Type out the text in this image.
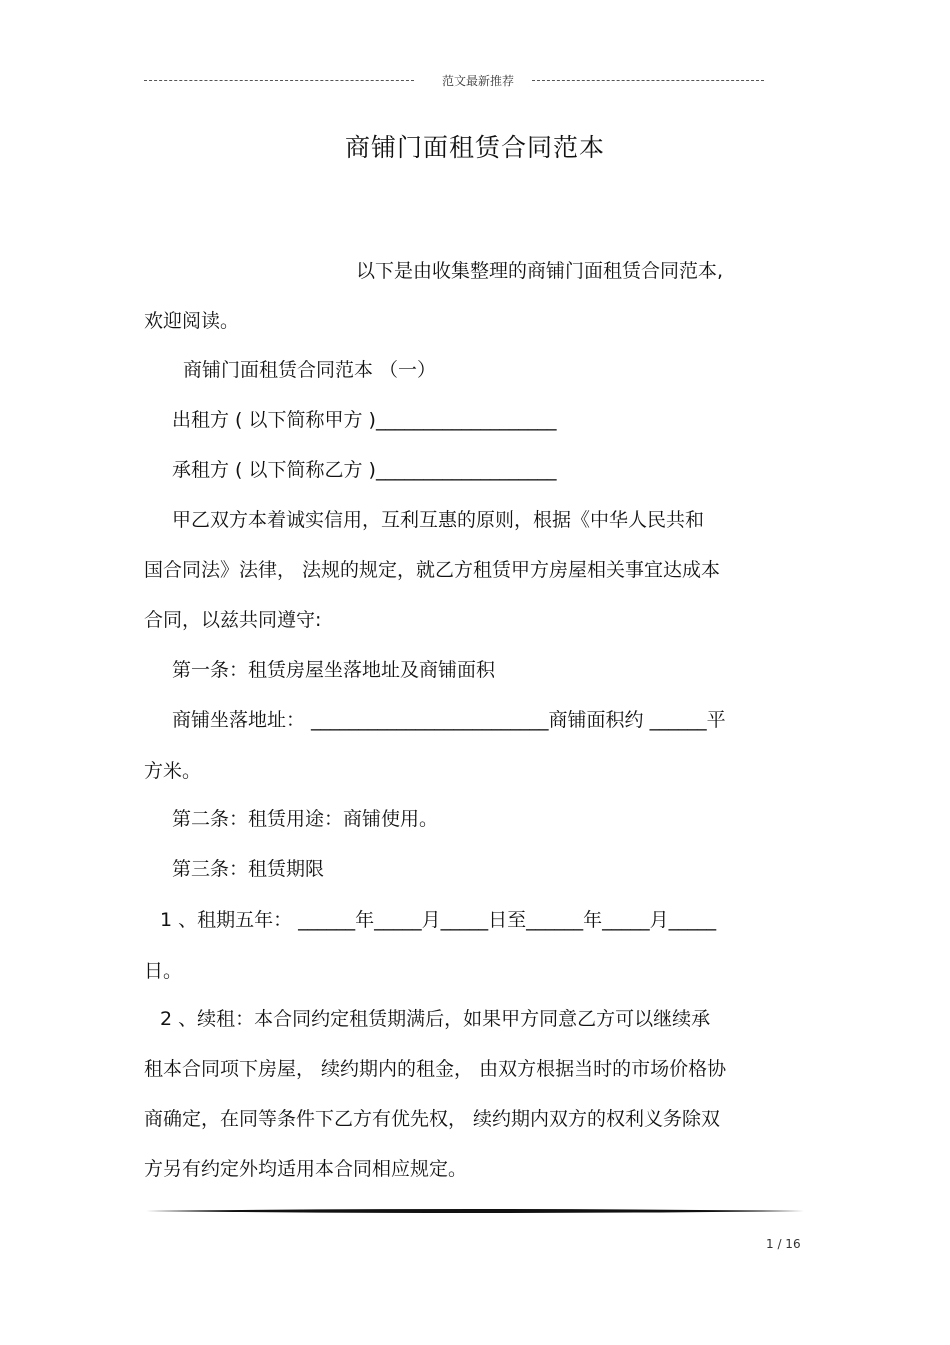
范文最新推荐
商铺门面租赁合同范本
以下是由收集整理的商铺门面租赁合同范本,
欢迎阅读。
商铺门面租赁合同范本 （一）
出租方 ( 以下简称甲方 )___________________
承租方 ( 以下简称乙方 )___________________
甲乙双方本着诚实信用，互利互惠的原则，根据《中华人民共和
国合同法》法律， 法规的规定，就乙方租赁甲方房屋相关事宜达成本
合同，以兹共同遵守:
第一条：租赁房屋坐落地址及商铺面积
商铺坐落地址： _________________________商铺面积约 ______平
方米。
第二条：租赁用途：商铺使用。
第三条：租赁期限
1 、租期五年： ______年_____月_____日至______年_____月_____
日。
2 、续租：本合同约定租赁期满后，如果甲方同意乙方可以继续承
租本合同项下房屋， 续约期内的租金， 由双方根据当时的市场价格协
商确定，在同等条件下乙方有优先权， 续约期内双方的权利义务除双
方另有约定外均适用本合同相应规定。
1 / 16
